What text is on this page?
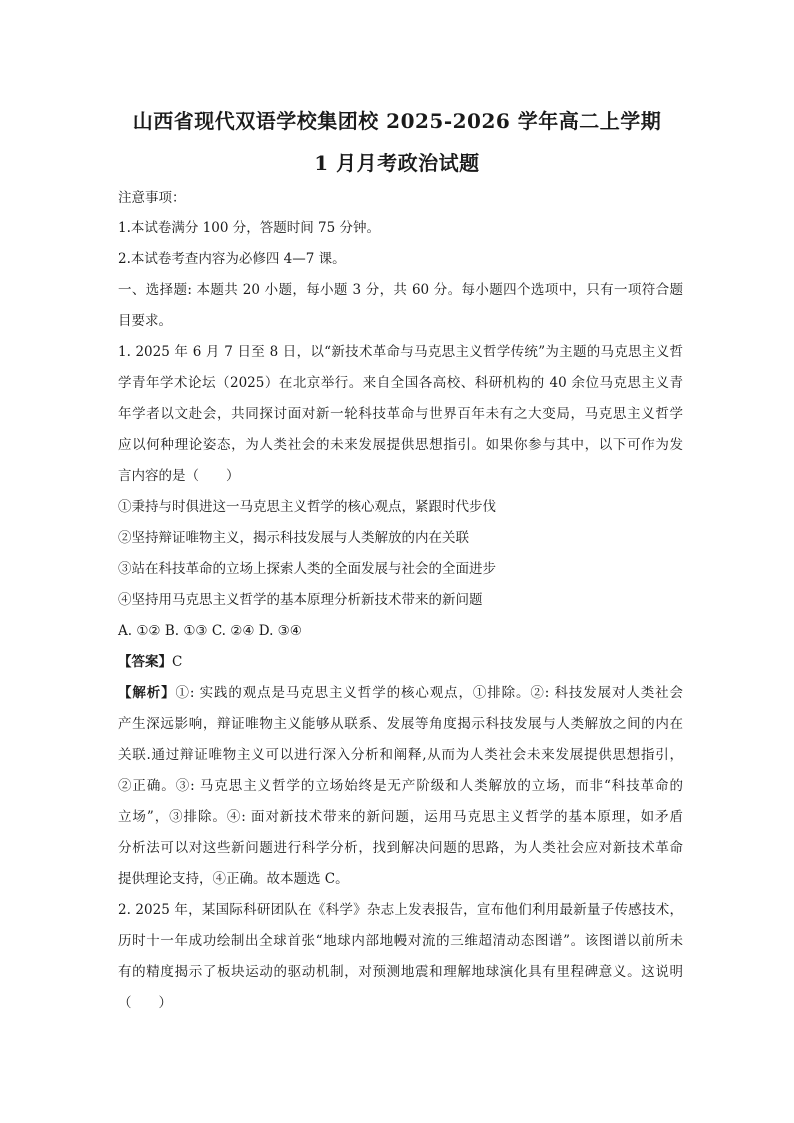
山西省现代双语学校集团校 2025-2026 学年高二上学期
1 月月考政治试题
注意事项：
1.本试卷满分 100 分，答题时间 75 分钟。
2.本试卷考查内容为必修四 4—7 课。
一、选择题: 本题共 20 小题，每小题 3 分，共 60 分。每小题四个选项中，只有一项符合题
目要求。
1. 2025 年 6 月 7 日至 8 日，以“新技术革命与马克思主义哲学传统”为主题的马克思主义哲
学青年学术论坛（2025）在北京举行。来自全国各高校、科研机构的 40 余位马克思主义青
年学者以文赴会，共同探讨面对新一轮科技革命与世界百年未有之大变局，马克思主义哲学
应以何种理论姿态，为人类社会的未来发展提供思想指引。如果你参与其中，以下可作为发
言内容的是（　　）
①秉持与时俱进这一马克思主义哲学的核心观点，紧跟时代步伐
②坚持辩证唯物主义，揭示科技发展与人类解放的内在关联
③站在科技革命的立场上探索人类的全面发展与社会的全面进步
④坚持用马克思主义哲学的基本原理分析新技术带来的新问题
A. ①② B. ①③ C. ②④ D. ③④
【答案】C
【解析】①: 实践的观点是马克思主义哲学的核心观点，①排除。②: 科技发展对人类社会
产生深远影响，辩证唯物主义能够从联系、发展等角度揭示科技发展与人类解放之间的内在
关联.通过辩证唯物主义可以进行深入分析和阐释,从而为人类社会未来发展提供思想指引，
②正确。③: 马克思主义哲学的立场始终是无产阶级和人类解放的立场，而非“科技革命的
立场”，③排除。④: 面对新技术带来的新问题，运用马克思主义哲学的基本原理，如矛盾
分析法可以对这些新问题进行科学分析，找到解决问题的思路，为人类社会应对新技术革命
提供理论支持，④正确。故本题选 C。
2. 2025 年，某国际科研团队在《科学》杂志上发表报告，宣布他们利用最新量子传感技术，
历时十一年成功绘制出全球首张“地球内部地幔对流的三维超清动态图谱”。该图谱以前所未
有的精度揭示了板块运动的驱动机制，对预测地震和理解地球演化具有里程碑意义。这说明
（　　）
